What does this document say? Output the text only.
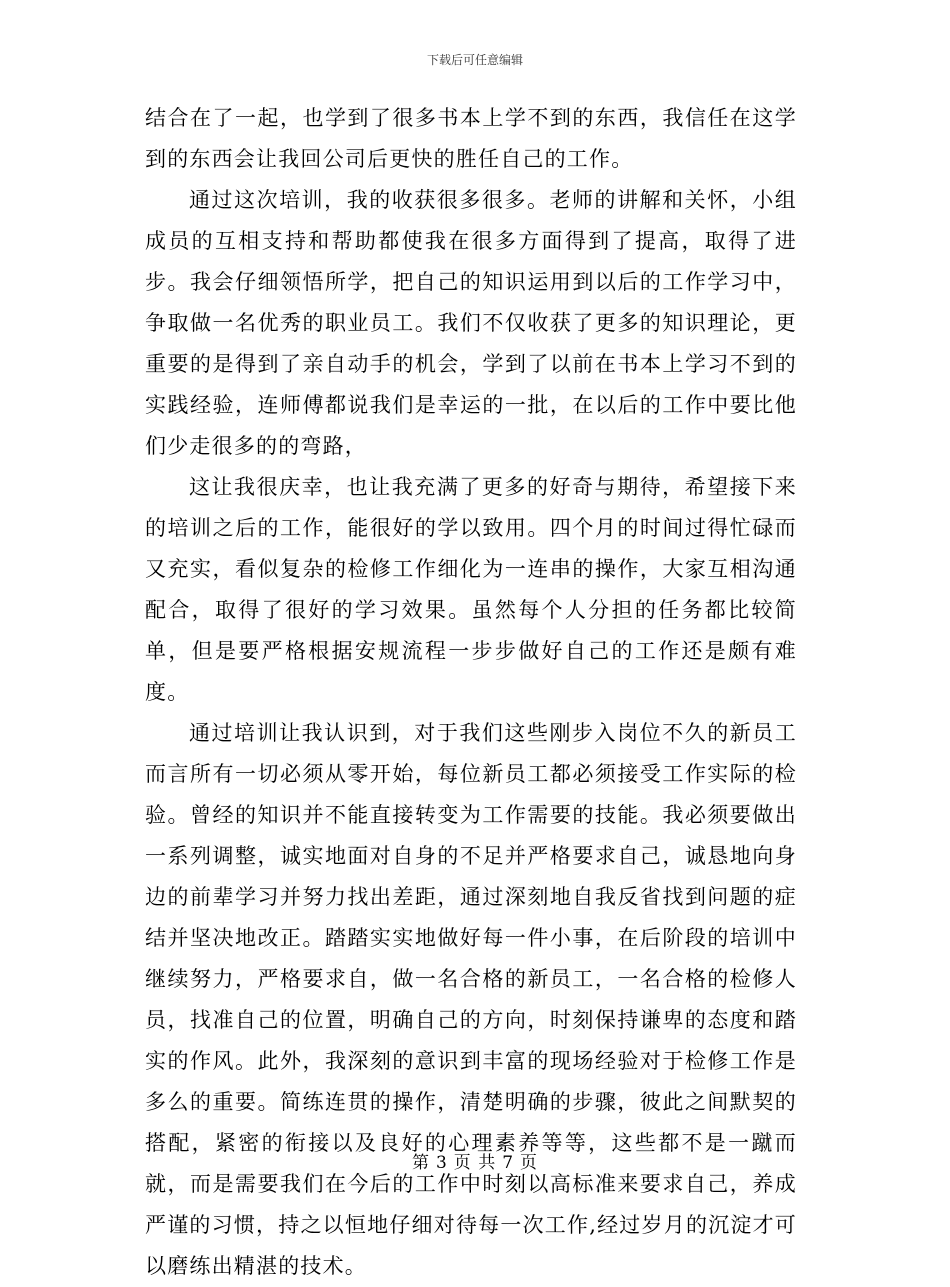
下载后可任意编辑

结合在了一起，也学到了很多书本上学不到的东西，我信任在这学到的东西会让我回公司后更快的胜任自己的工作。

通过这次培训，我的收获很多很多。老师的讲解和关怀，小组成员的互相支持和帮助都使我在很多方面得到了提高，取得了进步。我会仔细领悟所学，把自己的知识运用到以后的工作学习中，争取做一名优秀的职业员工。我们不仅收获了更多的知识理论，更重要的是得到了亲自动手的机会，学到了以前在书本上学习不到的实践经验，连师傅都说我们是幸运的一批，在以后的工作中要比他们少走很多的的弯路，

这让我很庆幸，也让我充满了更多的好奇与期待，希望接下来的培训之后的工作，能很好的学以致用。四个月的时间过得忙碌而又充实，看似复杂的检修工作细化为一连串的操作，大家互相沟通配合，取得了很好的学习效果。虽然每个人分担的任务都比较简单，但是要严格根据安规流程一步步做好自己的工作还是颇有难度。

通过培训让我认识到，对于我们这些刚步入岗位不久的新员工而言所有一切必须从零开始，每位新员工都必须接受工作实际的检验。曾经的知识并不能直接转变为工作需要的技能。我必须要做出一系列调整，诚实地面对自身的不足并严格要求自己，诚恳地向身边的前辈学习并努力找出差距，通过深刻地自我反省找到问题的症结并坚决地改正。踏踏实实地做好每一件小事，在后阶段的培训中继续努力，严格要求自，做一名合格的新员工，一名合格的检修人员，找准自己的位置，明确自己的方向，时刻保持谦卑的态度和踏实的作风。此外，我深刻的意识到丰富的现场经验对于检修工作是多么的重要。简练连贯的操作，清楚明确的步骤，彼此之间默契的搭配，紧密的衔接以及良好的心理素养等等，这些都不是一蹴而就，而是需要我们在今后的工作中时刻以高标准来要求自己，养成严谨的习惯，持之以恒地仔细对待每一次工作,经过岁月的沉淀才可以磨练出精湛的技术。

第 3 页 共 7 页
